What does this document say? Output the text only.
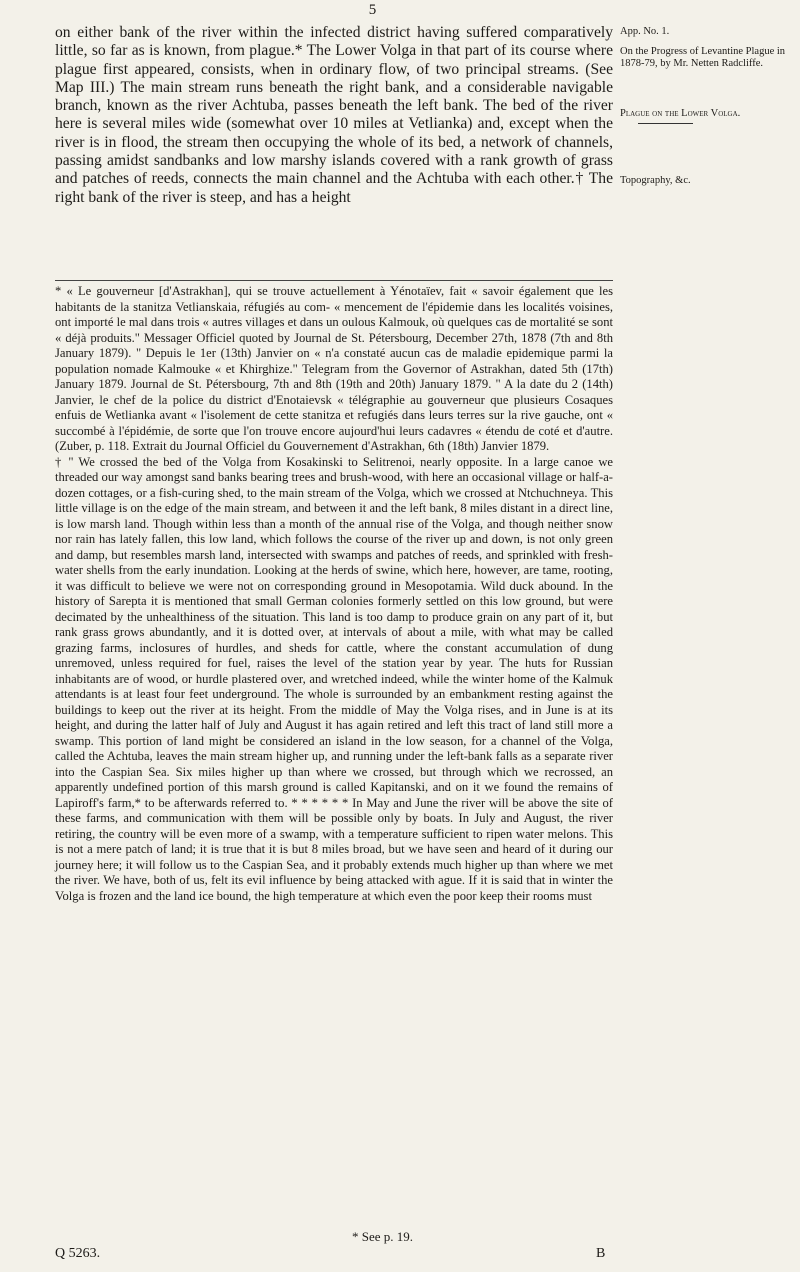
5

on either bank of the river within the infected district having suffered comparatively little, so far as is known, from plague.* The Lower Volga in that part of its course where plague first appeared, consists, when in ordinary flow, of two principal streams. (See Map III.) The main stream runs beneath the right bank, and a considerable navigable branch, known as the river Achtuba, passes beneath the left bank. The bed of the river here is several miles wide (somewhat over 10 miles at Vetlianka) and, except when the river is in flood, the stream then occupying the whole of its bed, a network of channels, passing amidst sandbanks and low marshy islands covered with a rank growth of grass and patches of reeds, connects the main channel and the Achtuba with each other.† The right bank of the river is steep, and has a height

App. No. 1.
On the Progress of Levantine Plague in 1878-79, by Mr. Netten Radcliffe.
Plague on the Lower Volga.
Topography, &c.

* « Le gouverneur [d'Astrakhan], qui se trouve actuellement à Yénotaïev, fait « savoir également que les habitants de la stanitza Vetlianskaia, réfugiés au com- « mencement de l'épidemie dans les localités voisines, ont importé le mal dans trois « autres villages et dans un oulous Kalmouk, où quelques cas de mortalité se sont « déjà produits." Messager Officiel quoted by Journal de St. Pétersbourg, December 27th, 1878 (7th and 8th January 1879). " Depuis le 1er (13th) Janvier on « n'a constaté aucun cas de maladie epidemique parmi la population nomade Kalmouke « et Khirghize." Telegram from the Governor of Astrakhan, dated 5th (17th) January 1879. Journal de St. Pétersbourg, 7th and 8th (19th and 20th) January 1879. " A la date du 2 (14th) Janvier, le chef de la police du district d'Enotaievsk « télégraphie au gouverneur que plusieurs Cosaques enfuis de Wetlianka avant « l'isolement de cette stanitza et refugiés dans leurs terres sur la rive gauche, ont « succombé à l'épidémie, de sorte que l'on trouve encore aujourd'hui leurs cadavres « étendu de coté et d'autre. (Zuber, p. 118. Extrait du Journal Officiel du Gouvernement d'Astrakhan, 6th (18th) Janvier 1879.

† " We crossed the bed of the Volga from Kosakinski to Selitrenoi, nearly opposite. In a large canoe we threaded our way amongst sand banks bearing trees and brush-wood, with here an occasional village or half-a-dozen cottages, or a fish-curing shed, to the main stream of the Volga, which we crossed at Ntchuchneya. This little village is on the edge of the main stream, and between it and the left bank, 8 miles distant in a direct line, is low marsh land. Though within less than a month of the annual rise of the Volga, and though neither snow nor rain has lately fallen, this low land, which follows the course of the river up and down, is not only green and damp, but resembles marsh land, intersected with swamps and patches of reeds, and sprinkled with fresh-water shells from the early inundation. Looking at the herds of swine, which here, however, are tame, rooting, it was difficult to believe we were not on corresponding ground in Mesopotamia. Wild duck abound. In the history of Sarepta it is mentioned that small German colonies formerly settled on this low ground, but were decimated by the unhealthiness of the situation. This land is too damp to produce grain on any part of it, but rank grass grows abundantly, and it is dotted over, at intervals of about a mile, with what may be called grazing farms, inclosures of hurdles, and sheds for cattle, where the constant accumulation of dung unremoved, unless required for fuel, raises the level of the station year by year. The huts for Russian inhabitants are of wood, or hurdle plastered over, and wretched indeed, while the winter home of the Kalmuk attendants is at least four feet underground. The whole is surrounded by an embankment resting against the buildings to keep out the river at its height. From the middle of May the Volga rises, and in June is at its height, and during the latter half of July and August it has again retired and left this tract of land still more a swamp. This portion of land might be considered an island in the low season, for a channel of the Volga, called the Achtuba, leaves the main stream higher up, and running under the left-bank falls as a separate river into the Caspian Sea. Six miles higher up than where we crossed, but through which we recrossed, an apparently undefined portion of this marsh ground is called Kapitanski, and on it we found the remains of Lapiroff's farm,* to be afterwards referred to. * * * * * * In May and June the river will be above the site of these farms, and communication with them will be possible only by boats. In July and August, the river retiring, the country will be even more of a swamp, with a temperature sufficient to ripen water melons. This is not a mere patch of land; it is true that it is but 8 miles broad, but we have seen and heard of it during our journey here; it will follow us to the Caspian Sea, and it probably extends much higher up than where we met the river. We have, both of us, felt its evil influence by being attacked with ague. If it is said that in winter the Volga is frozen and the land ice bound, the high temperature at which even the poor keep their rooms must

* See p. 19.
Q 5263.	B
